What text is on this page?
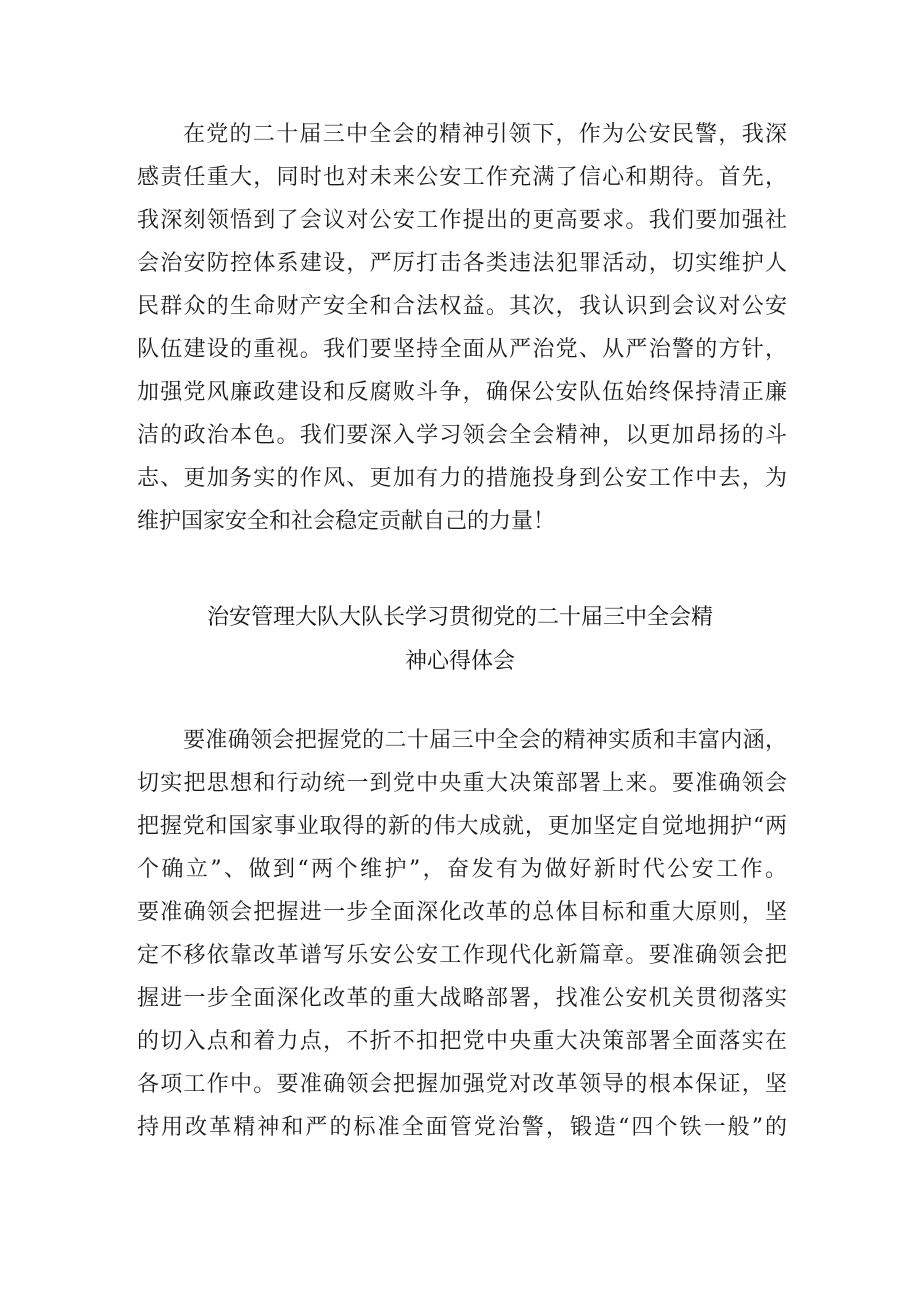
在党的二十届三中全会的精神引领下，作为公安民警，我深
感责任重大，同时也对未来公安工作充满了信心和期待。首先，
我深刻领悟到了会议对公安工作提出的更高要求。我们要加强社
会治安防控体系建设，严厉打击各类违法犯罪活动，切实维护人
民群众的生命财产安全和合法权益。其次，我认识到会议对公安
队伍建设的重视。我们要坚持全面从严治党、从严治警的方针，
加强党风廉政建设和反腐败斗争，确保公安队伍始终保持清正廉
洁的政治本色。我们要深入学习领会全会精神，以更加昂扬的斗
志、更加务实的作风、更加有力的措施投身到公安工作中去，为
维护国家安全和社会稳定贡献自己的力量！
治安管理大队大队长学习贯彻党的二十届三中全会精
神心得体会
要准确领会把握党的二十届三中全会的精神实质和丰富内涵，
切实把思想和行动统一到党中央重大决策部署上来。要准确领会
把握党和国家事业取得的新的伟大成就，更加坚定自觉地拥护“两
个确立”、做到“两个维护”，奋发有为做好新时代公安工作。
要准确领会把握进一步全面深化改革的总体目标和重大原则，坚
定不移依靠改革谱写乐安公安工作现代化新篇章。要准确领会把
握进一步全面深化改革的重大战略部署，找准公安机关贯彻落实
的切入点和着力点，不折不扣把党中央重大决策部署全面落实在
各项工作中。要准确领会把握加强党对改革领导的根本保证，坚
持用改革精神和严的标准全面管党治警，锻造“四个铁一般”的
